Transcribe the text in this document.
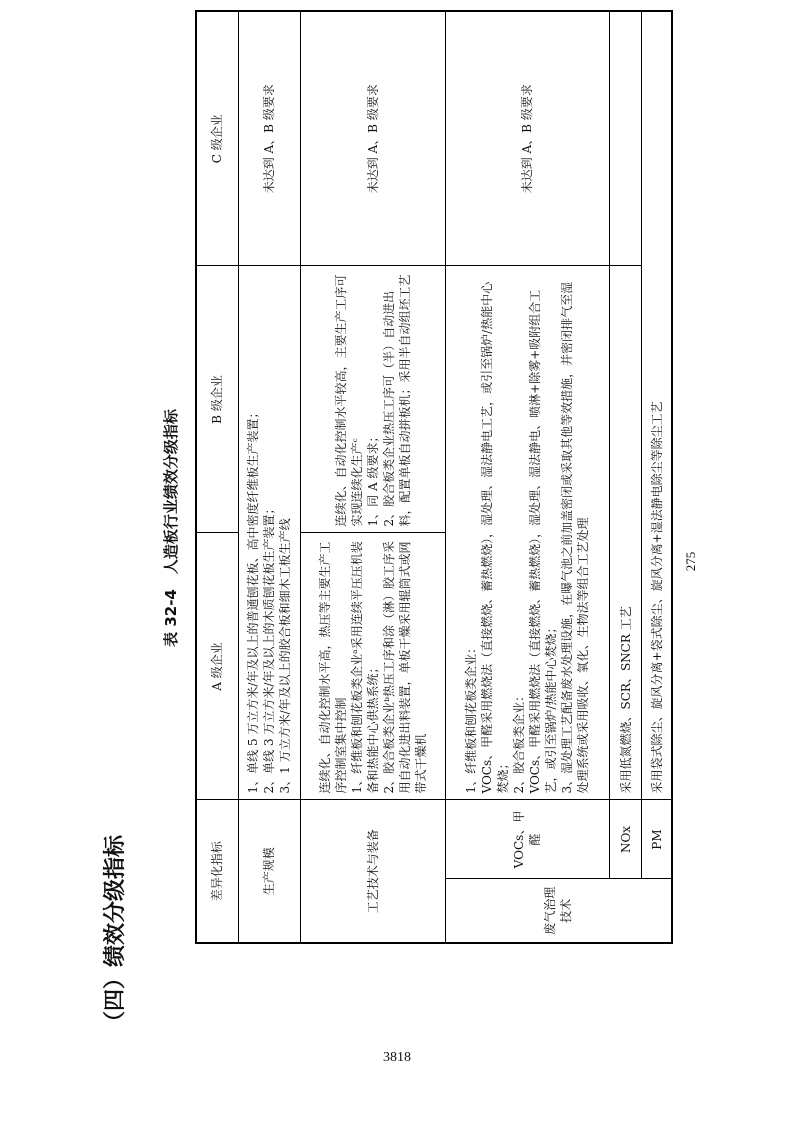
3818
（四）绩效分级指标
表 32-4　人造板行业绩效分级指标
差异化指标		A 级企业	B 级企业	C 级企业
生产规模		1、单线 5 万立方米/年及以上的普通刨花板、高中密度纤维板生产装置； 2、单线 3 万立方米/年及以上的木质刨花板生产装置； 3、1 万立方米/年及以上的胶合板和细木工板生产线		未达到 A、B 级要求
工艺技术与装备		连续化、自动化控制水平高，热压等主要生产工序控制室集中控制 1、纤维板和刨花板类企业ᵃ采用连续平压压机装备和热能中心供热系统； 2、胶合板类企业ᵇ热压工序和涂（淋）胶工序采用自动化进出料装置，单板干燥采用辊筒式或网带式干燥机	连续化、自动化控制水平较高，主要生产工序可实现连续化生产ᶜ 1、同 A 级要求； 2、胶合板类企业热压工序可（半）自动进出料，配置单板自动拼板机；采用半自动组坯工艺	未达到 A、B 级要求
废气治理技术	VOCs、甲醛	1、纤维板和刨花板类企业： VOCs、甲醛采用燃烧法（直接燃烧、蓄热燃烧），湿处理、湿法静电工艺，或引至锅炉/热能中心焚烧； 2、胶合板类企业： VOCs、甲醛采用燃烧法（直接燃烧、蓄热燃烧），湿处理、湿法静电、喷淋+除雾+吸附组合工艺，或引至锅炉/热能中心焚烧； 3、湿处理工艺配备废水处理设施，在曝气池之前加盖密闭或采取其他等效措施，并密闭排气至湿处理系统或采用吸收、氧化、生物法等组合工艺处理		未达到 A、B 级要求
	NOx	采用低氮燃烧、SCR、SNCR 工艺		
	PM	采用袋式除尘、旋风分离+袋式除尘、旋风分离+湿法静电除尘等除尘工艺		275
